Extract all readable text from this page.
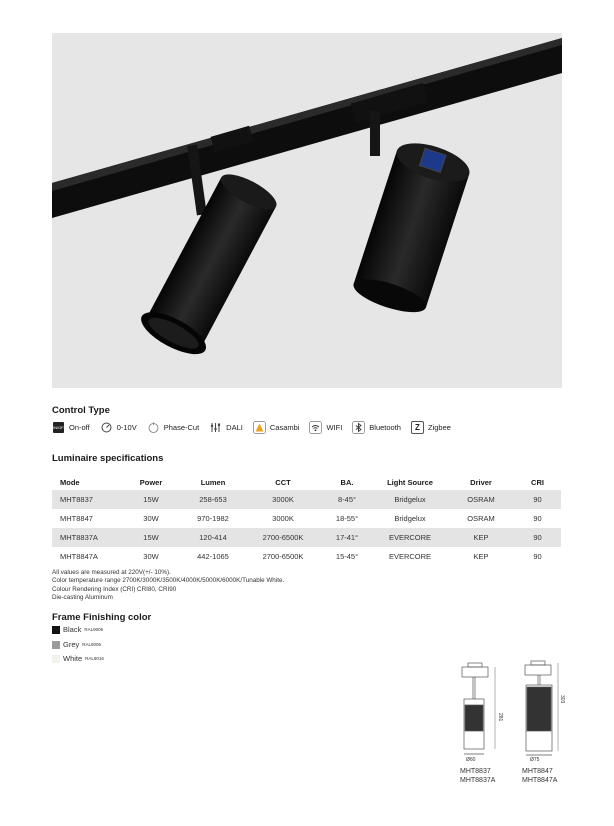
Control Type
ON/OFF On-off	0-10V	Phase-Cut	DALI	Casambi	WIFI	Bluetooth	Z	Zigbee
Luminaire specifications
Mode	Power	Lumen	CCT	BA.	Light Source	Driver	CRI
MHT8837	15W	258-653	3000K	8-45°	Bridgelux	OSRAM	90
MHT8847	30W	970-1982	3000K	18-55°	Bridgelux	OSRAM	90
MHT8837A	15W	120-414	2700-6500K	17-41°	EVERCORE	KEP	90
MHT8847A	30W	442-1065	2700-6500K	15-45°	EVERCORE	KEP	90
All values are measured at 220V(+/- 10%).
Color temperature range 2700K/3000K/3500K/4000K/5000K/6000K/Tunable White.
Colour Rendering Index (CRI) CRI80, CRI90
Die-casting Aluminum
Frame Finishing color
Black RAL9005
Grey RAL9006
White RAL9016
281
Ø60
303
Ø75
MHT8837
MHT8837A
MHT8847
MHT8847A
